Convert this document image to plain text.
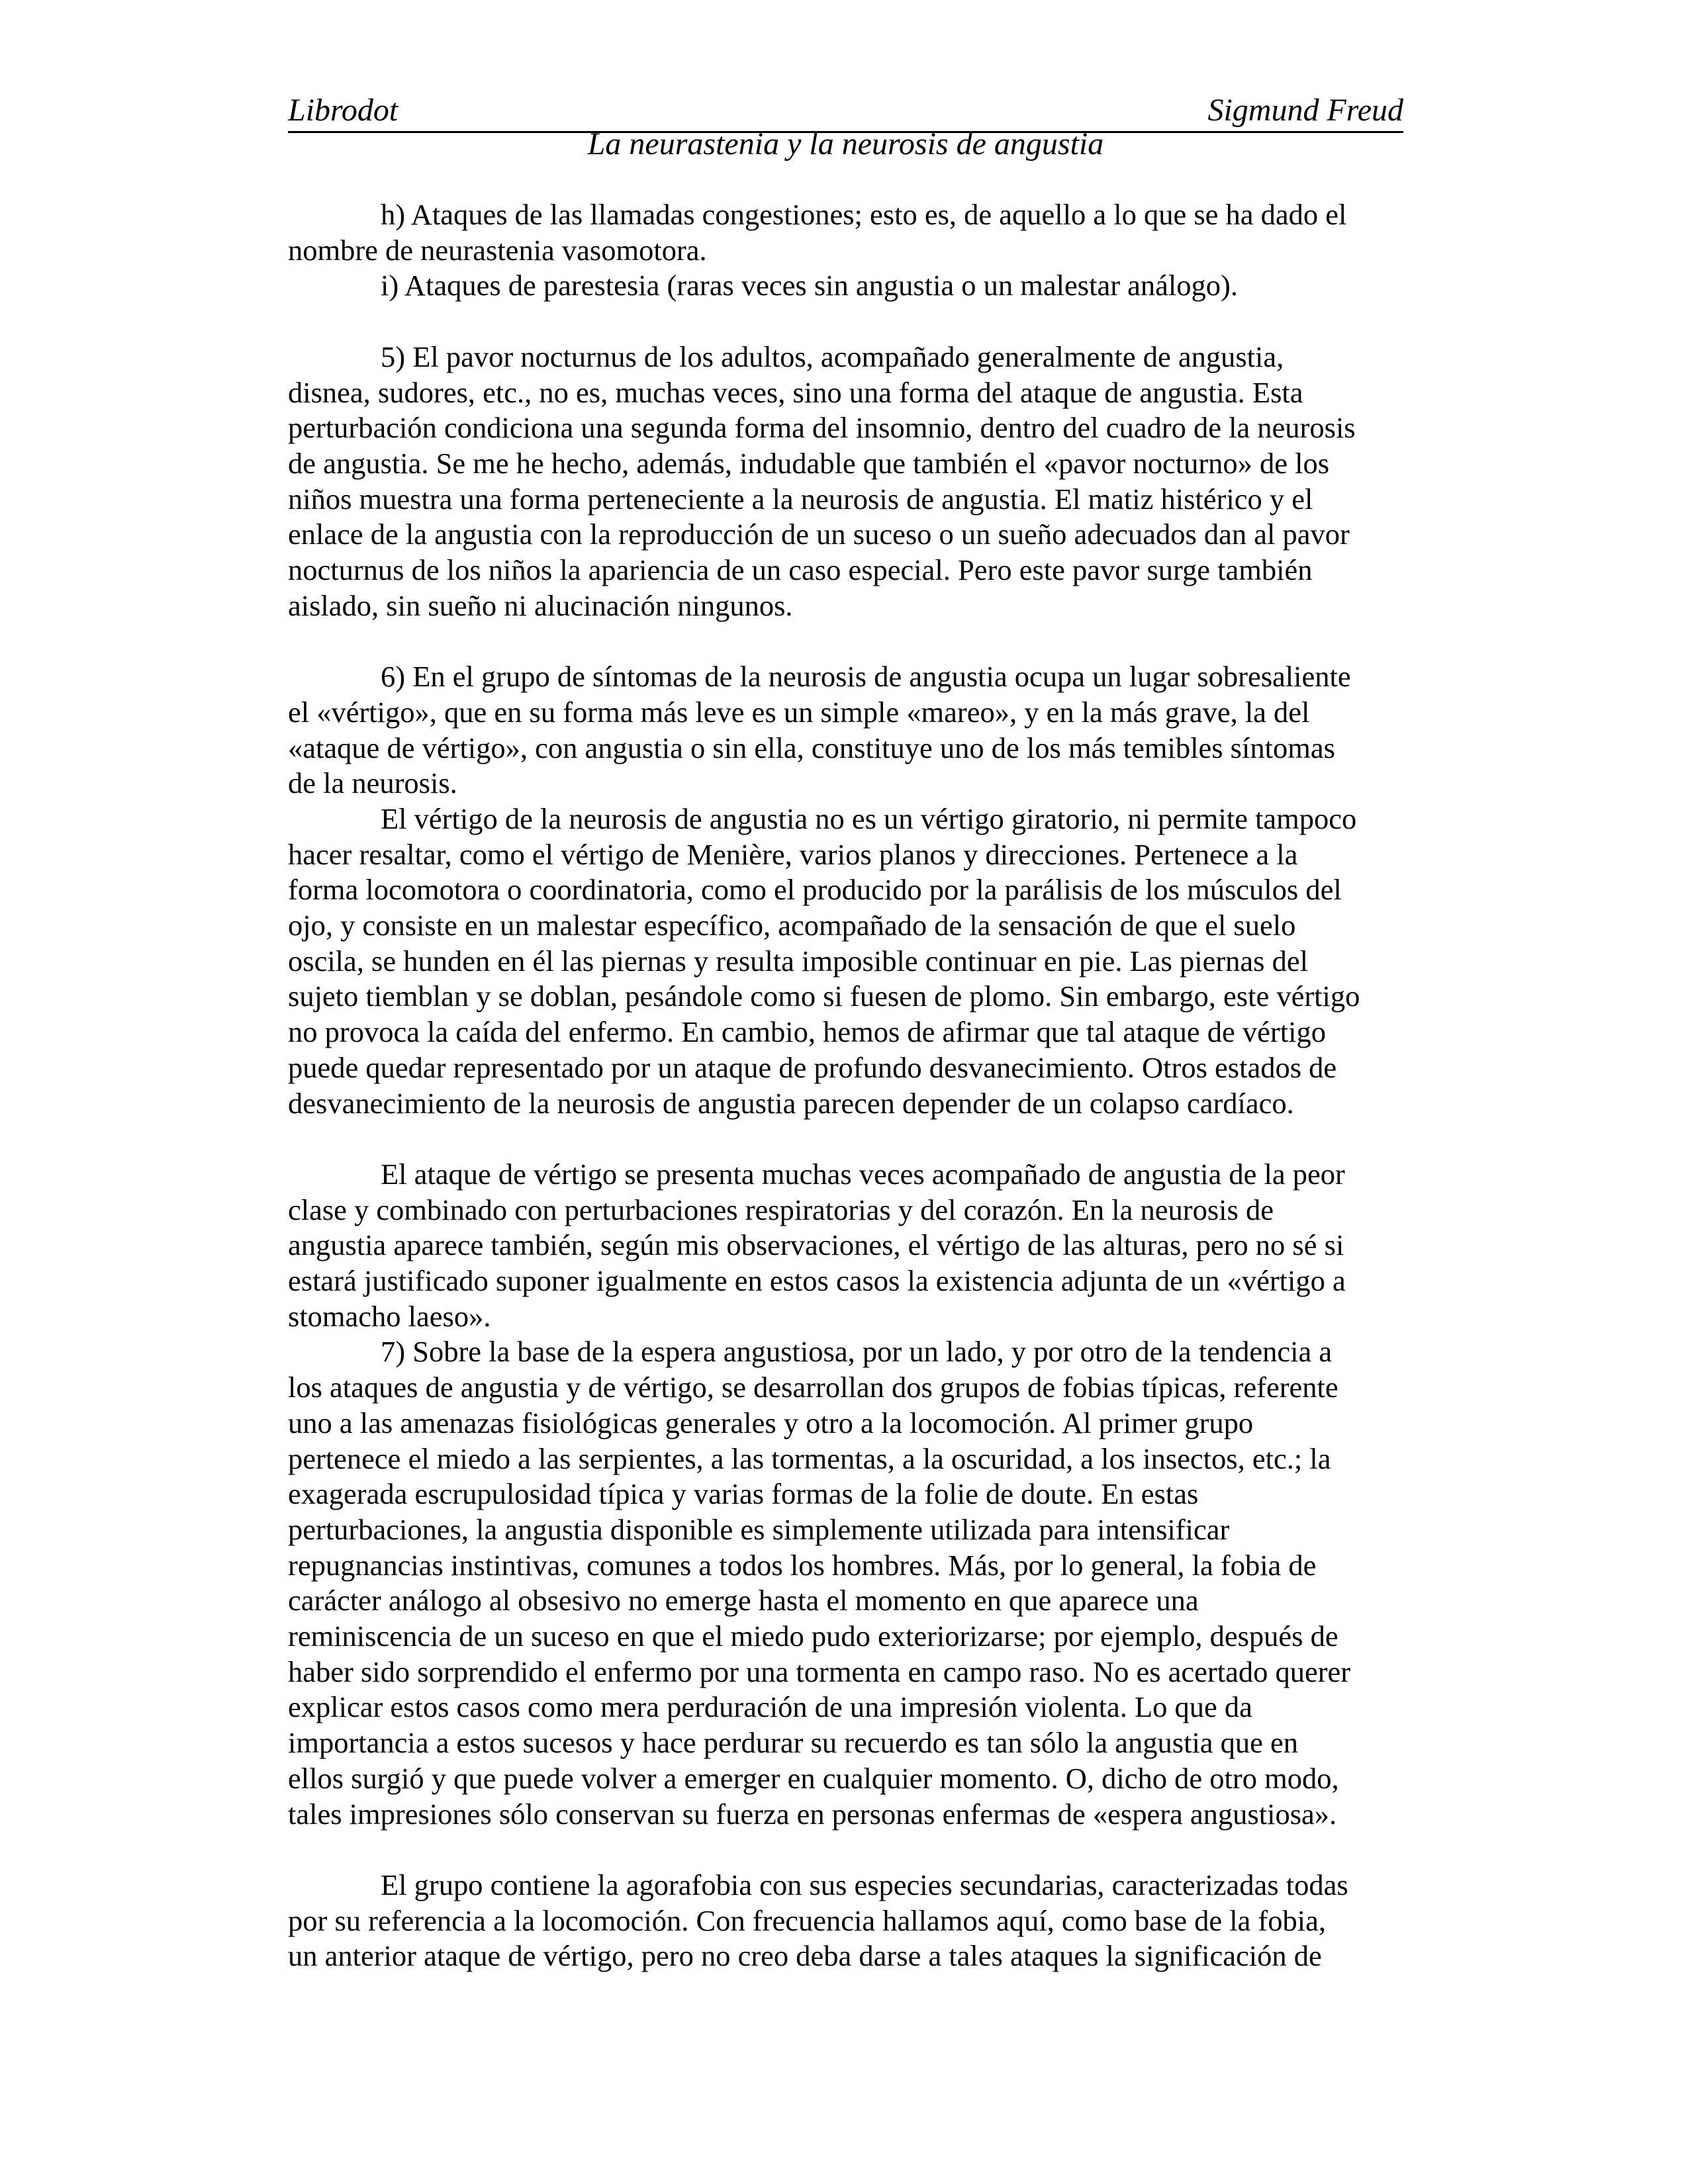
Librodot	Sigmund Freud
La neurastenia y la neurosis de angustia
h) Ataques de las llamadas congestiones; esto es, de aquello a lo que se ha dado el
nombre de neurastenia vasomotora.
i) Ataques de parestesia (raras veces sin angustia o un malestar análogo).
5) El pavor nocturnus de los adultos, acompañado generalmente de angustia,
disnea, sudores, etc., no es, muchas veces, sino una forma del ataque de angustia. Esta
perturbación condiciona una segunda forma del insomnio, dentro del cuadro de la neurosis
de angustia. Se me he hecho, además, indudable que también el «pavor nocturno» de los
niños muestra una forma perteneciente a la neurosis de angustia. El matiz histérico y el
enlace de la angustia con la reproducción de un suceso o un sueño adecuados dan al pavor
nocturnus de los niños la apariencia de un caso especial. Pero este pavor surge también
aislado, sin sueño ni alucinación ningunos.
6) En el grupo de síntomas de la neurosis de angustia ocupa un lugar sobresaliente
el «vértigo», que en su forma más leve es un simple «mareo», y en la más grave, la del
«ataque de vértigo», con angustia o sin ella, constituye uno de los más temibles síntomas
de la neurosis.
El vértigo de la neurosis de angustia no es un vértigo giratorio, ni permite tampoco
hacer resaltar, como el vértigo de Menière, varios planos y direcciones. Pertenece a la
forma locomotora o coordinatoria, como el producido por la parálisis de los músculos del
ojo, y consiste en un malestar específico, acompañado de la sensación de que el suelo
oscila, se hunden en él las piernas y resulta imposible continuar en pie. Las piernas del
sujeto tiemblan y se doblan, pesándole como si fuesen de plomo. Sin embargo, este vértigo
no provoca la caída del enfermo. En cambio, hemos de afirmar que tal ataque de vértigo
puede quedar representado por un ataque de profundo desvanecimiento. Otros estados de
desvanecimiento de la neurosis de angustia parecen depender de un colapso cardíaco.
El ataque de vértigo se presenta muchas veces acompañado de angustia de la peor
clase y combinado con perturbaciones respiratorias y del corazón. En la neurosis de
angustia aparece también, según mis observaciones, el vértigo de las alturas, pero no sé si
estará justificado suponer igualmente en estos casos la existencia adjunta de un «vértigo a
stomacho laeso».
7) Sobre la base de la espera angustiosa, por un lado, y por otro de la tendencia a
los ataques de angustia y de vértigo, se desarrollan dos grupos de fobias típicas, referente
uno a las amenazas fisiológicas generales y otro a la locomoción. Al primer grupo
pertenece el miedo a las serpientes, a las tormentas, a la oscuridad, a los insectos, etc.; la
exagerada escrupulosidad típica y varias formas de la folie de doute. En estas
perturbaciones, la angustia disponible es simplemente utilizada para intensificar
repugnancias instintivas, comunes a todos los hombres. Más, por lo general, la fobia de
carácter análogo al obsesivo no emerge hasta el momento en que aparece una
reminiscencia de un suceso en que el miedo pudo exteriorizarse; por ejemplo, después de
haber sido sorprendido el enfermo por una tormenta en campo raso. No es acertado querer
explicar estos casos como mera perduración de una impresión violenta. Lo que da
importancia a estos sucesos y hace perdurar su recuerdo es tan sólo la angustia que en
ellos surgió y que puede volver a emerger en cualquier momento. O, dicho de otro modo,
tales impresiones sólo conservan su fuerza en personas enfermas de «espera angustiosa».
El grupo contiene la agorafobia con sus especies secundarias, caracterizadas todas
por su referencia a la locomoción. Con frecuencia hallamos aquí, como base de la fobia,
un anterior ataque de vértigo, pero no creo deba darse a tales ataques la significación de
